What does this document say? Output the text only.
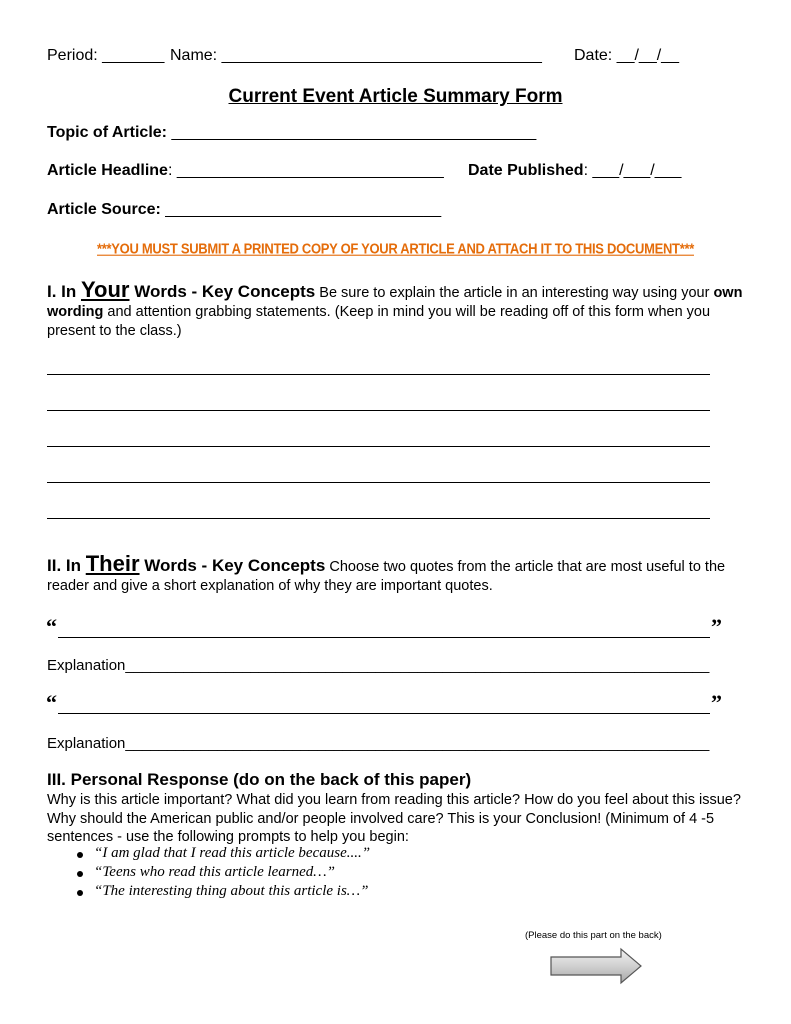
Period: _______ Name: ____________________________________ Date: __/__/__
Current Event Article Summary Form
Topic of Article: _________________________________________
Article Headline: ______________________________ Date Published: ___/___/___
Article Source: _______________________________
***YOU MUST SUBMIT A PRINTED COPY OF YOUR ARTICLE AND ATTACH IT TO THIS DOCUMENT***
I. In Your Words - Key Concepts Be sure to explain the article in an interesting way using your own wording and attention grabbing statements. (Keep in mind you will be reading off of this form when you present to the class.)
II. In Their Words - Key Concepts Choose two quotes from the article that are most useful to the reader and give a short explanation of why they are important quotes.
“	”
Explanation______________________________________________________________________
“	”
Explanation______________________________________________________________________
III. Personal Response (do on the back of this paper)
Why is this article important? What did you learn from reading this article? How do you feel about this issue? Why should the American public and/or people involved care? This is your Conclusion! (Minimum of 4 -5 sentences - use the following prompts to help you begin:
“I am glad that I read this article because....”
“Teens who read this article learned…”
“The interesting thing about this article is…”
(Please do this part on the back)
